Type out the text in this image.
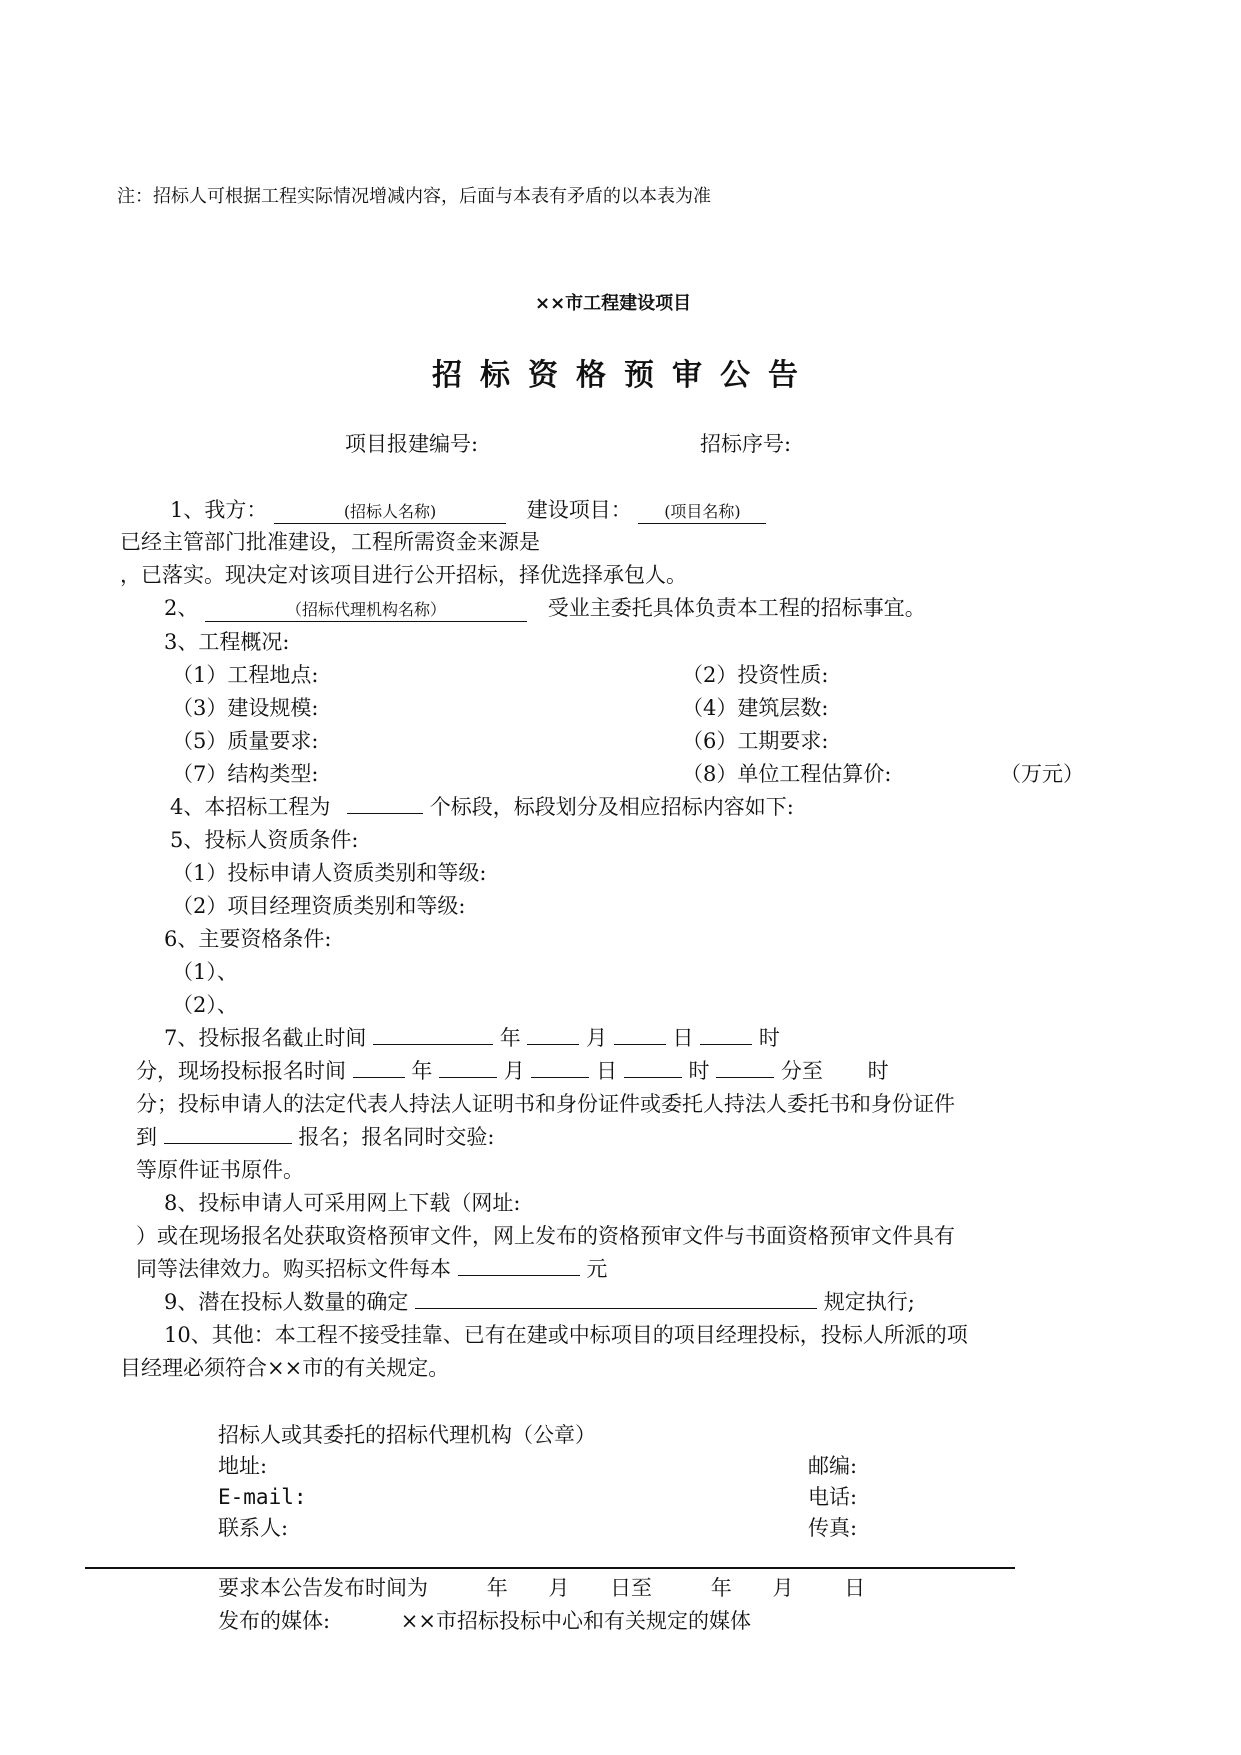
注：招标人可根据工程实际情况增减内容，后面与本表有矛盾的以本表为准
××市工程建设项目
招标资格预审公告
项目报建编号:	招标序号:
1、我方：	(招标人名称)	建设项目： (项目名称)
已经主管部门批准建设，工程所需资金来源是
，已落实。现决定对该项目进行公开招标，择优选择承包人。
2、	（招标代理机构名称）	受业主委托具体负责本工程的招标事宜。
3、工程概况:
（1）工程地点:	（2）投资性质:
（3）建设规模:	（4）建筑层数:
（5）质量要求:	（6）工期要求:
（7）结构类型:	（8）单位工程估算价:	（万元）
4、本招标工程为	个标段，标段划分及相应招标内容如下:
5、投标人资质条件:
（1）投标申请人资质类别和等级:
（2）项目经理资质类别和等级:
6、主要资格条件:
（1）、
（2）、
7、投标报名截止时间	年	月	日	时
分，现场投标报名时间	年	月	日	时	分至 时
分；投标申请人的法定代表人持法人证明书和身份证件或委托人持法人委托书和身份证件
到	报名；报名同时交验:
等原件证书原件。
8、投标申请人可采用网上下载（网址:
）或在现场报名处获取资格预审文件，网上发布的资格预审文件与书面资格预审文件具有
同等法律效力。购买招标文件每本	元
9、潜在投标人数量的确定	规定执行;
10、其他：本工程不接受挂靠、已有在建或中标项目的项目经理投标，投标人所派的项
目经理必须符合××市的有关规定。
招标人或其委托的招标代理机构（公章）
地址:	邮编:
E-mail:	电话:
联系人:	传真:
要求本公告发布时间为	年 月 日至	年 月 日
发布的媒体:	××市招标投标中心和有关规定的媒体
